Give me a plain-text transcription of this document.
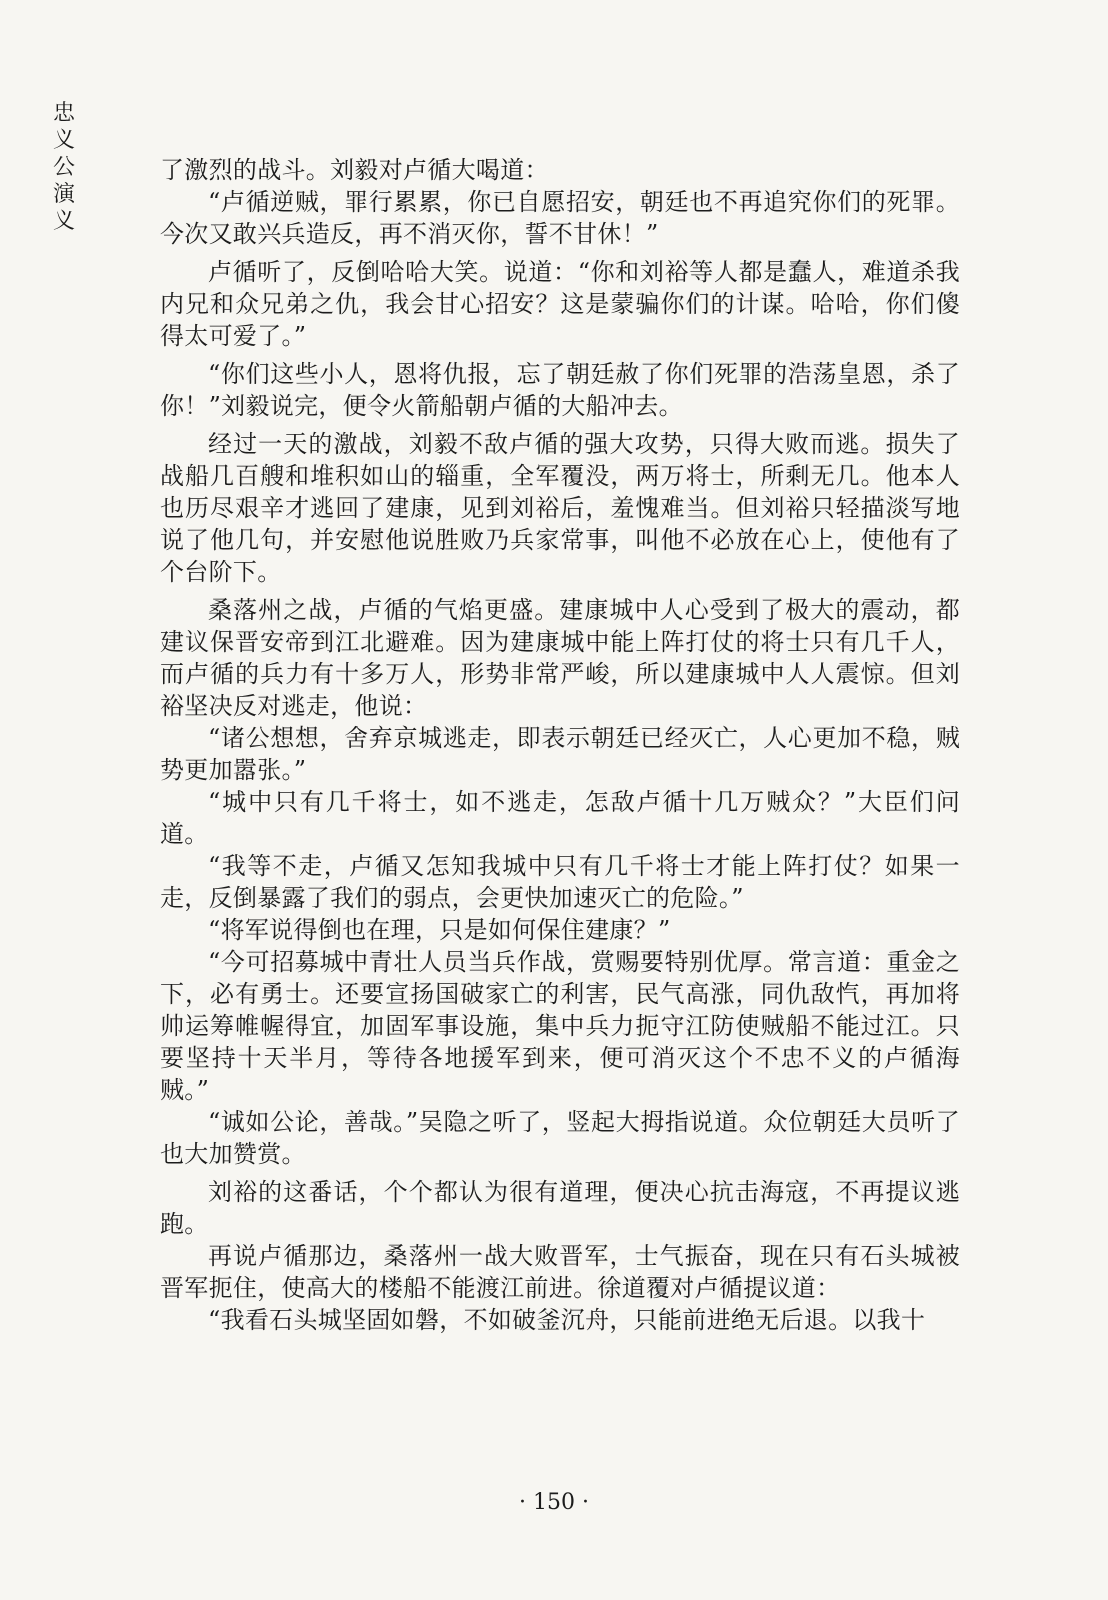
忠义公演义

了激烈的战斗。刘毅对卢循大喝道：

“卢循逆贼，罪行累累，你已自愿招安，朝廷也不再追究你们的死罪。今次又敢兴兵造反，再不消灭你，誓不甘休！”

卢循听了，反倒哈哈大笑。说道：“你和刘裕等人都是蠢人，难道杀我内兄和众兄弟之仇，我会甘心招安？这是蒙骗你们的计谋。哈哈，你们傻得太可爱了。”

“你们这些小人，恩将仇报，忘了朝廷赦了你们死罪的浩荡皇恩，杀了你！”刘毅说完，便令火箭船朝卢循的大船冲去。

经过一天的激战，刘毅不敌卢循的强大攻势，只得大败而逃。损失了战船几百艘和堆积如山的辎重，全军覆没，两万将士，所剩无几。他本人也历尽艰辛才逃回了建康，见到刘裕后，羞愧难当。但刘裕只轻描淡写地说了他几句，并安慰他说胜败乃兵家常事，叫他不必放在心上，使他有了个台阶下。

桑落州之战，卢循的气焰更盛。建康城中人心受到了极大的震动，都建议保晋安帝到江北避难。因为建康城中能上阵打仗的将士只有几千人，而卢循的兵力有十多万人，形势非常严峻，所以建康城中人人震惊。但刘裕坚决反对逃走，他说：

“诸公想想，舍弃京城逃走，即表示朝廷已经灭亡，人心更加不稳，贼势更加嚣张。”

“城中只有几千将士，如不逃走，怎敌卢循十几万贼众？”大臣们问道。

“我等不走，卢循又怎知我城中只有几千将士才能上阵打仗？如果一走，反倒暴露了我们的弱点，会更快加速灭亡的危险。”

“将军说得倒也在理，只是如何保住建康？”

“今可招募城中青壮人员当兵作战，赏赐要特别优厚。常言道：重金之下，必有勇士。还要宣扬国破家亡的利害，民气高涨，同仇敌忾，再加将帅运筹帷幄得宜，加固军事设施，集中兵力扼守江防使贼船不能过江。只要坚持十天半月，等待各地援军到来，便可消灭这个不忠不义的卢循海贼。”

“诚如公论，善哉。”吴隐之听了，竖起大拇指说道。众位朝廷大员听了也大加赞赏。

刘裕的这番话，个个都认为很有道理，便决心抗击海寇，不再提议逃跑。

再说卢循那边，桑落州一战大败晋军，士气振奋，现在只有石头城被晋军扼住，使高大的楼船不能渡江前进。徐道覆对卢循提议道：

“我看石头城坚固如磐，不如破釜沉舟，只能前进绝无后退。以我十

· 150 ·
